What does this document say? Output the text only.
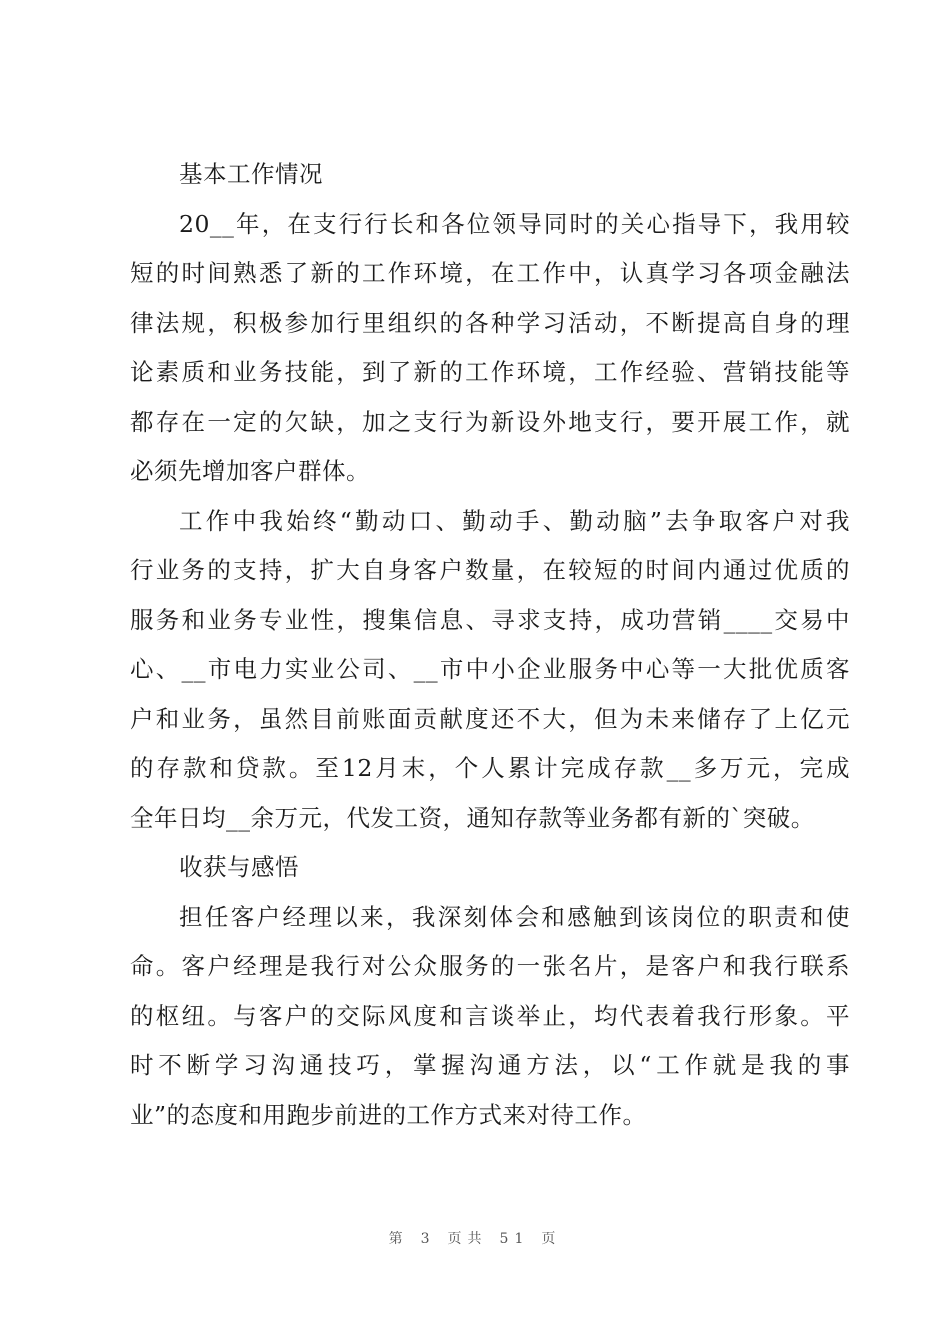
基本工作情况
20__年，在支行行长和各位领导同时的关心指导下，我用较
短的时间熟悉了新的工作环境，在工作中，认真学习各项金融法
律法规，积极参加行里组织的各种学习活动，不断提高自身的理
论素质和业务技能，到了新的工作环境，工作经验、营销技能等
都存在一定的欠缺，加之支行为新设外地支行，要开展工作，就
必须先增加客户群体。
工作中我始终“勤动口、勤动手、勤动脑”去争取客户对我
行业务的支持，扩大自身客户数量，在较短的时间内通过优质的
服务和业务专业性，搜集信息、寻求支持，成功营销____交易中
心、__市电力实业公司、__市中小企业服务中心等一大批优质客
户和业务，虽然目前账面贡献度还不大，但为未来储存了上亿元
的存款和贷款。至12月末，个人累计完成存款__多万元，完成
全年日均__余万元，代发工资，通知存款等业务都有新的`突破。
收获与感悟
担任客户经理以来，我深刻体会和感触到该岗位的职责和使
命。客户经理是我行对公众服务的一张名片，是客户和我行联系
的枢纽。与客户的交际风度和言谈举止，均代表着我行形象。平
时不断学习沟通技巧，掌握沟通方法，以“工作就是我的事
业”的态度和用跑步前进的工作方式来对待工作。
第 3 页共 51 页
